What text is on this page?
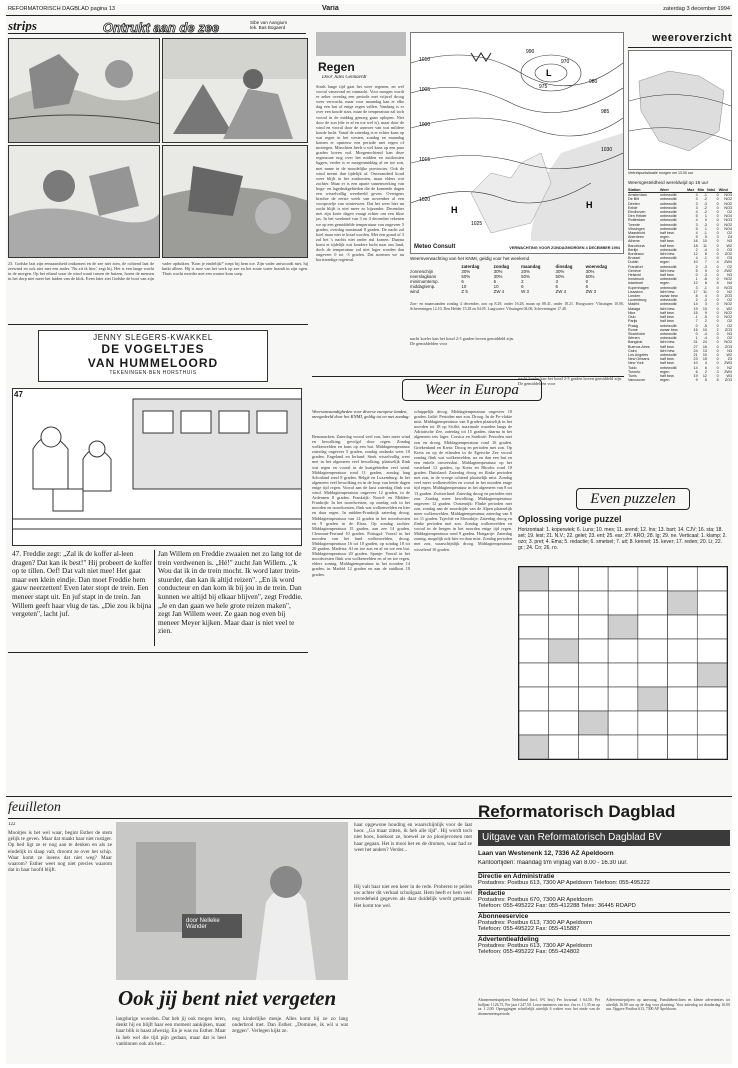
REFORMATORISCH DAGBLAD pagina 13	Varia	zaterdag 3 december 1994
strips	Ontrukt aan de zee	Sibe van Aangium
tek. Bas Bogaerd
23. Godske laat zijn eenzaamheid ontkomen en de zee niet zien, de ochtend laat de zeewind en ook niet met een ander. 'Nu zit ik hier,' zegt hij. Het is een lange wacht in de morgen. Op het eiland waar de wind waait tussen de huizen, horen de mensen in het dorp niet meer het luiden van de klok. Even later ziet Godske de boot van zijn vader opduiken. 'Kom je eindelijk?' roept hij hem toe. Zijn vader antwoordt niet, hij knikt alleen. Hij is moe van het werk op zee en het zoute water brandt in zijn ogen. Thuis wacht moeder met een warme kom soep.
JENNY SLEGERS-KWAKKEL
DE VOGELTJES
VAN HUMMELOORD
TEKENINGEN·BEN HORSTHUIS
47
47. Freddie zegt: „Zal ik de koffer al-leen dragen? Dat kan ik best!" Hij probeert de koffer op te tillen. Oef! Dat valt niet mee! Het gaat maar een klein eindje. Dan moet Freddie hem gauw neerzetten! Even later stopt de trein. Een meneer stapt uit. En juf stapt in de trein. Jan Willem geeft haar vlug de tas. „Die zou ik bijna vergeten", lacht juf.
Jan Willem en Freddie zwaaien net zo lang tot de trein verdwenen is. „Hé!" zucht Jan Willem. „'k Wou dat ik in de trein mocht. Ik word later trein-stuurder, dan kan ik altijd reizen". „En ik word conducteur en dan kom ik bij jou in de trein. Dan kunnen we altijd bij elkaar blijven", zegt Freddie. „Je en dan gaan we hele grote reizen maken", zegt Jan Willem weer. Ze gaan nog even bij meneer Meyer kijken. Maar daar is niet veel te zien.
Regen
Door Jules Geimaerdt
Sinds lange tijd gaat het weer regenen, en wel vooral vanavond en vannacht. Voor morgen wordt er zeker overdag een periode met vrijwel droog weer verwacht, maar voor maandag kan er elke dag een bui of enige regen vallen. Vandaag is er over een koude start, maar de temperatuur zal toch vooral in de middag genoeg gaan oplopen. Niet door de zon (die er af en toe wel is), maar door de wind en vooral door de aanvoer van wat mildere koude lucht. Vanaf de zaterdag is er echter kans op wat regen in het westen, zondag en maandag komen er opnieuw een periode met regen of motregen. Misschien heeft u wel kans op een paar graden boven nul. Morgenochtend kan deze regenzone nog over het midden en zuidoosten liggen, verder is er morgenmiddag af en toe zon, met name in de noordelijke provincies. Ook de wind neemt dan tijdelijk af. Onveranderd koud weer blijft in het zuidoosten, maar elders wat zachter. Maar er is een aparte samenwerking van hoge- en lagedrukgebieden die de komende dagen een wisselvallig weerbeeld geven. Overigens brachte de eerste week van november al een voorproefje van winterweer. Dat het weer hier nu zacht blijft is niet meer zo bijzonder. December met zijn korte dagen vraagt echter om een fikse jas. In het weekend van 3 en 4 december rekenen we op een gemiddelde temperatuur van ongeveer 5 graden, overdag maximaal 8 graden. De nacht zal koel maar niet te koud worden. Met een graad of 3 zal het 's nachts niet onder nul komen. Daarna komt er tijdelijk wat koudere lucht naar ons land, doch de temperatuur zal niet lager worden dan ongeveer 0 tot -3 graden. Dat noemen we nu kortstondige regenval.
L
H	H
1010
1005
1000
990
975
970
980
985
1015
1020
1025
1030
Meteo Consult	VERWACHTING VOOR ZONDAGMORGEN 4 DECEMBER 1994
Weersverwachting van het KNMI, geldig voor het weekend
	zaterdag	zondag	maandag	dinsdag	woensdag
zonneschijn	30%	30%	20%	30%	30%
neerslagkans	50%	30%	50%	50%	60%
minimumtemp.	6	6	2	3	0
middagtemp.	10	10	6	6	6
wind	Z 5	ZW 4	W 3	ZW 4	ZW 3
Zon- en maanstanden zondag 4 december, zon op 8.29, onder 16.28, maan op 08.41, onder 18.21. Hoogwater: Vlissingen 10.00, Scheveningen 12.10, Den Helder 15.28 en 04.05. Laagwater: Vlissingen 04.06, Scheveningen 17.40.
nacht koeler kan het koud 2-3 graden boven gemiddeld zijn. De gemiddelden voor
weeroverzicht
Vertrekpuntsituatie morgen om 13.00 uur
Weersgesteldheid wereldwijd op 19 uur
Station	Weer	Max	Min	Ndsl	Wind
Amsterdam	onbewolkt	4	-1	0	NO3
De Bilt	onbewolkt	3	-2	0	NO2
Deelen	onbewolkt	3	-3	0	NO2
Eelde	onbewolkt	3	-2	0	NO3
Eindhoven	onbewolkt	4	-2	0	O2
Den Helder	onbewolkt	5	1	0	NO4
Rotterdam	onbewolkt	4	0	0	NO3
Twente	onbewolkt	3	-3	0	NO2
Vlissingen	onbewolkt	5	1	0	NO4
Maastricht	half bew.	4	-1	0	O2
Aberdeen	regen	9	5	3	Z4
Athene	half bew.	16	10	0	N3
Barcelona	half bew.	18	11	0	W2
Berlijn	onbewolkt	2	-4	0	O3
Bordeaux	licht bew.	12	6	0	ZO2
Brussel	onbewolkt	4	-1	0	O3
Dublin	regen	10	7	4	ZW4
Frankfort	onbewolkt	2	-3	0	O2
Genève	licht bew.	5	0	0	ZW2
Helsinki	half bew.	0	-3	0	N3
Innsbruck	onbewolkt	1	-6	0	NO2
Istanboel	regen	12	8	5	N4
Kopenhagen	onbewolkt	3	-1	0	NO3
Lissabon	licht bew.	17	11	0	N2
Londen	zwaar bew.	8	4	0	ZO3
Luxemburg	onbewolkt	2	-3	0	O2
Madrid	onbewolkt	14	3	0	NO2
Malaga	licht bew.	19	10	0	W2
Nice	half bew.	15	9	0	NO2
Oslo	half bew.	-1	-5	0	NO2
Parijs	half bew.	7	2	0	O2
Praag	onbewolkt	0	-5	0	O2
Rome	zwaar bew.	16	10	2	ZO3
Stockholm	onbewolkt	0	-4	0	N3
Wenen	onbewolkt	1	-4	0	O2
Bangkok	licht bew.	31	24	0	NO2
Buenos Aires	half bew.	27	16	0	ZO3
Cairo	licht bew.	24	13	0	N3
Los Angeles	onbewolkt	21	10	0	W2
New Orleans	half bew.	23	15	0	Z3
New York	half bew.	10	4	0	ZW3
Tokio	onbewolkt	14	6	0	N2
Toronto	regen	6	2	3	ZW4
Tunis	half bew.	19	12	0	W3
Vancouver	regen	9	5	5	ZO3
Weer in Europa
Weersomstandigheden voor diverse europese landen, meegedeeld door het KNMI, geldig tot en met zondag:
Benomarken: Zaterdag vooral veel zon, later meer wind en bewolking, gevolgd door regen. Zondag wolkenvelden en kans op een bui. Middagtemperatuur zaterdag ongeveer 5 graden, zondag ondanks weer 10 graden. Engeland en Ierland: Sterk wisselvallig weer met in het algemeen veel bewolking, plaatselijk flink wat regen en vooral in de kustgebieden veel wind. Middagtemperatuur rond 11 graden, zondag lang Schotland rond 8 graden. België en Luxemburg: In het algemeen veel bewolking en in de loop van beide dagen enige tijd regen. Vooral aan de kust zaterdag flink wat wind. Middagtemperatuur ongeveer 12 graden, in de Ardennen 8 graden. Frankrijk: Noord- en Midden-Frankrijk: In het noordwesten, op zondag ook in het noorden en noordoosten, flink wat wolkenvelden en hier en daar regen. In midden-Frankrijk zaterdag droog. Middagtemperatuur van 12 graden in het noordwesten en 9 graden in de Elzas. Op zondag zachter. Middagtemperatuur 15 graden, aan zee 14 graden. Clermont-Ferrand 10 graden. Portugal: Vooral in het noorden van het land wolkenvelden, droog. Middagtemperatuur 16 tot 18 graden, op zondag 18 tot 20 graden. Madeira: Af en toe zon en af en toe een bui. Middagtemperatuur 20 graden. Spanje: Vooral in het noordwesten flink wat wolkenvelden en af en toe regen, elders zonnig. Middagtemperatuur in het noorden 14 graden, in Madrid 12 graden en aan de zuidkust 18 graden.
schappelijk droog. Middagtemperatuur ongeveer 18 graden. Italië: Perioden met zon. Droog. In de Po-vlakte mist. Middagtemperatuur van 8 graden plaatselijk in het noorden tot 18 op Sicilië, maximale waarden langs de Adriatische Zee, zaterdag tot 15 graden, daarna in het algemeen iets lager. Corsica en Sardinië: Perioden met zon en droog. Middagtemperatuur rond 16 graden. Griekenland en Kreta: Droog en perioden met zon. Op Kreta en op de eilanden in de Egeïsche Zee vooral zondag flink wat wolkenvelden, na en dan een bui en een enkele onweersbui. Middagtemperatuur op het vasteland 12 graden, op Kreta en Rhodos rond 18 graden. Duitsland: Zaterdag droog en flinke perioden met zon, in de vroege ochtend plaatselijk mist. Zondag veel meer wolkenvelden en vooral in het noorden enige tijd regen. Middagtemperatuur in het algemeen van 8 tot 13 graden. Zwitserland: Zaterdag droog en perioden met zon. Zondag meer bewolking. Middagtemperatuur ongeveer 12 graden. Oostenrijk: Flinke perioden met zon, zondag aan de noordzijde van de Alpen plaatselijk meer wolkenvelden. Middagtemperatuur zaterdag van 8 tot 11 graden. Tsjechië en Slowakije: Zaterdag droog en flinke perioden met zon. Zondag wolkenvelden en vooral in de bergen in het noorden enige tijd regen. Middagtemperatuur rond 9 graden. Hongarije: Zaterdag zonnig, mogelijk ook hier en daar mist. Zondag perioden met zon, waarschijnlijk droog. Middagtemperatuur wisselend 10 graden.
nacht koeler kan het koud 2-3 graden boven gemiddeld zijn. De gemiddelden voor
Even puzzelen
Oplossing vorige puzzel
Horizontaal: 1. koperwiek; 6. Luns; 10. mes; 11. arend; 12. Ins; 13. bart; 14. CJV; 16. sta; 18. set; 19. lest; 21. N.V.; 22. gelet; 23. ent; 25. ear; 27. KRO; 28. Ig; 29. ne. Verticaal: 1. klamp; 2. ozo; 3. pret; 4. Ema; 5. redactie; 6. smetsel; 7. uit; 8. kennel; 15. kever; 17. reden; 20. Li; 22. gr.; 24. Co; 26. ro.
feuilleton
122
Mooitjes is het wel waar, begint Esther de stem gelijk te geven. Maar dat maakt haar niet rustiger. Op bed ligt ze er nog aan te denken en als ze eindelijk in slaap valt, droomt ze over het schip. Waar komt ze ineens dat niet weg? Maar waarom? Esther weet nog niet precies waarom dat in haar hoofd blijft.
door Nelleke Wander
Ook jij bent niet vergeten
langdurige woorden. Dat heb jij ook mogen leren, denkt hij en blijft haar een moment aankijken, maar haar blik is haast afwezig. En je was nu Esther. Maar ik heb wel die tijd pijn gedaan, maar dat is heel vanbinnen ook als het...
nog kinderlijke mesje. Alles komt bij ze zo lang onderbrod met. Dan Esther. „Dominee, ik wil u wat zeggen". Verlegen kijkt ze.
haar opgewone houding en waarschijnlijk voor de laat hoor. „Ga maar zitten, ik heb alle tijd". Hij wordt toch niet boos, hoekoot ze, hoewel ze zo plooijevorsen met haar gegaan. Het is mooi het en de dromen, waar had ze weet het anders? Verder...
Hij valt haar niet een keer in de rede. Proberen te peilen uw achter dit verhaal schuilgaat. Hem heeft er hem veel tevredeheid gegeven als daar duidelijk wordt gemaakt. Het komt toe wel.
Reformatorisch Dagblad
Uitgave van Reformatorisch Dagblad BV
Laan van Westenenk 12, 7336 AZ Apeldoorn
Kantoortijden: maandag t/m vrijdag van 8.00 - 16.30 uur.
Directie en Administratie
Postadres: Postbus 613, 7300 AP Apeldoorn Telefoon: 055-495222
Redactie
Postadres: Postbus 670, 7300 AR Apeldoorn
Telefoon: 055-495222 Fax: 055-412288 Telex: 36445 RDAPD
Abonneeservice
Postadres: Postbus 613, 7300 AP Apeldoorn
Telefoon: 055-495222 Fax: 055-415887
Advertentieafdeling
Postadres: Postbus 613, 7300 AP Apeldoorn
Telefoon: 055-495222 Fax: 055-424802
Abonnementsprijzen Nederland (incl. 6% btw) Per kwartaal f 64,50, Per halfjaar f 126,75, Per jaar f 247,50. Losse nummers van ma. t/m vr. f 1,35 en op za. f 2,00. Opzeggingen schriftelijk uiterlijk 6 weken voor het einde van de abonnementsperiode.
Advertentieprijzen op aanvraag. Familieberichten en kleine advertenties tot uiterlijk 16.00 uur op de dag voor plaatsing. Voor zaterdag tot donderdag 16.00 uur. Opgave Postbus 613, 7300 AP Apeldoorn.
